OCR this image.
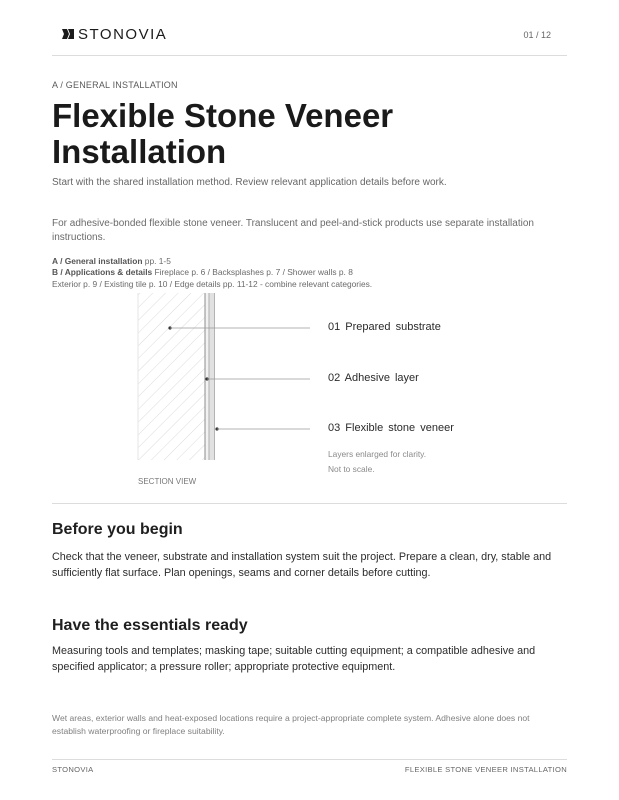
STONOVIA	01 / 12
A / GENERAL INSTALLATION
Flexible Stone Veneer
Installation
Start with the shared installation method. Review relevant application details before work.
For adhesive-bonded flexible stone veneer. Translucent and peel-and-stick products use separate installation instructions.
A / General installation pp. 1-5
B / Applications & details Fireplace p. 6 / Backsplashes p. 7 / Shower walls p. 8
Exterior p. 9 / Existing tile p. 10 / Edge details pp. 11-12 - combine relevant categories.
01 Prepared substrate
02 Adhesive layer
03 Flexible stone veneer
Layers enlarged for clarity.
Not to scale.
SECTION VIEW
Before you begin
Check that the veneer, substrate and installation system suit the project. Prepare a clean, dry, stable and sufficiently flat surface. Plan openings, seams and corner details before cutting.
Have the essentials ready
Measuring tools and templates; masking tape; suitable cutting equipment; a compatible adhesive and specified applicator; a pressure roller; appropriate protective equipment.
Wet areas, exterior walls and heat-exposed locations require a project-appropriate complete system. Adhesive alone does not establish waterproofing or fireplace suitability.
STONOVIA	FLEXIBLE STONE VENEER INSTALLATION
